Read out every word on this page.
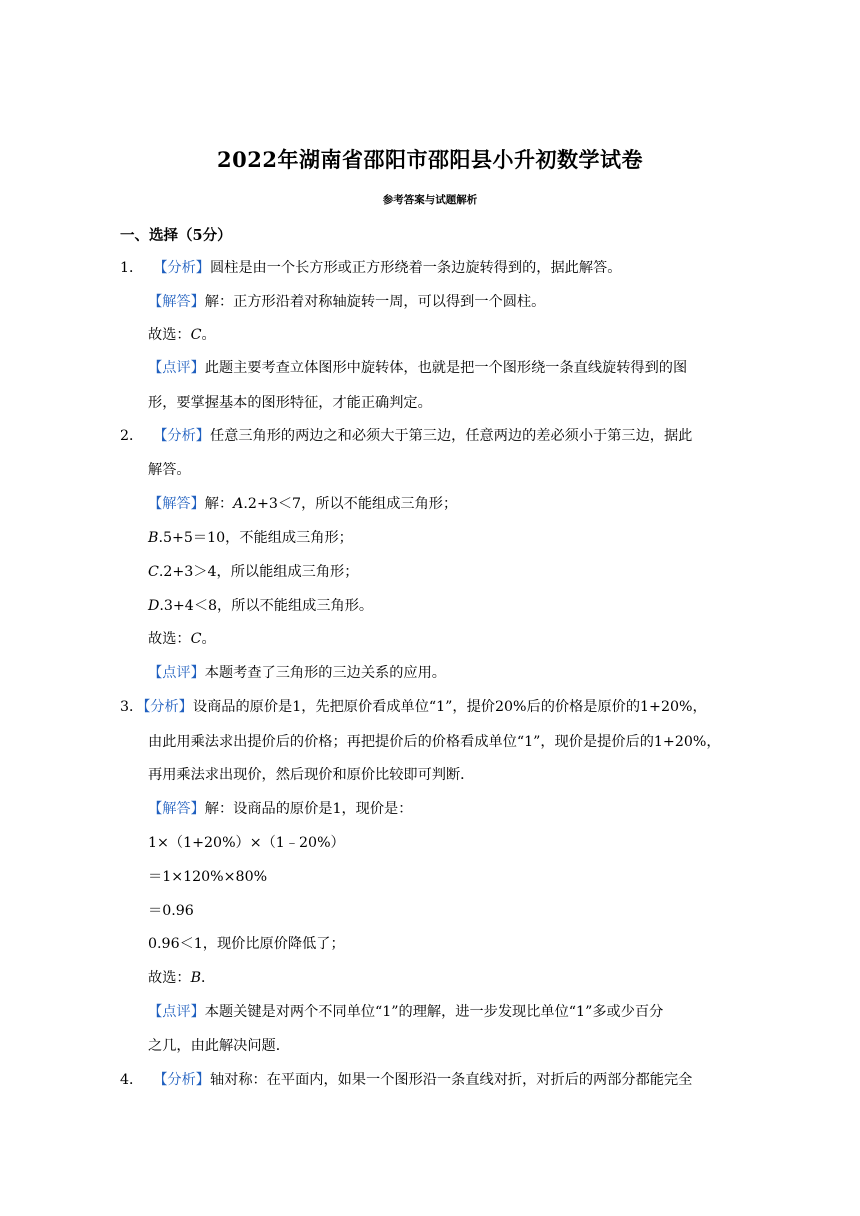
2022年湖南省邵阳市邵阳县小升初数学试卷
参考答案与试题解析
一、选择（5分）
1． 【分析】圆柱是由一个长方形或正方形绕着一条边旋转得到的，据此解答。
【解答】解：正方形沿着对称轴旋转一周，可以得到一个圆柱。
故选：C。
【点评】此题主要考查立体图形中旋转体，也就是把一个图形绕一条直线旋转得到的图
形，要掌握基本的图形特征，才能正确判定。
2． 【分析】任意三角形的两边之和必须大于第三边，任意两边的差必须小于第三边，据此
解答。
【解答】解：A.2+3＜7，所以不能组成三角形；
B.5+5＝10，不能组成三角形；
C.2+3＞4，所以能组成三角形；
D.3+4＜8，所以不能组成三角形。
故选：C。
【点评】本题考查了三角形的三边关系的应用。
3．【分析】设商品的原价是1，先把原价看成单位“1”，提价20%后的价格是原价的1+20%，
由此用乘法求出提价后的价格；再把提价后的价格看成单位“1”，现价是提价后的1+20%，
再用乘法求出现价，然后现价和原价比较即可判断．
【解答】解：设商品的原价是1，现价是：
1×（1+20%）×（1﹣20%）
＝1×120%×80%
＝0.96
0.96＜1，现价比原价降低了；
故选：B．
【点评】本题关键是对两个不同单位“1”的理解，进一步发现比单位“1”多或少百分
之几，由此解决问题．
4． 【分析】轴对称：在平面内，如果一个图形沿一条直线对折，对折后的两部分都能完全
